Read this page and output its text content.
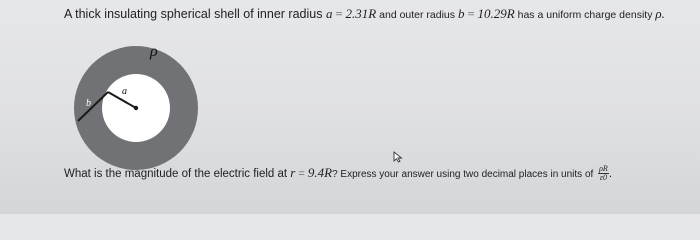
A thick insulating spherical shell of inner radius a = 2.31R and outer radius b = 10.29R has a uniform charge density ρ.
ρ
a
b
What is the magnitude of the electric field at r = 9.4R? Express your answer using two decimal places in units of $\frac{\rho R}{\varepsilon 0}$ .
